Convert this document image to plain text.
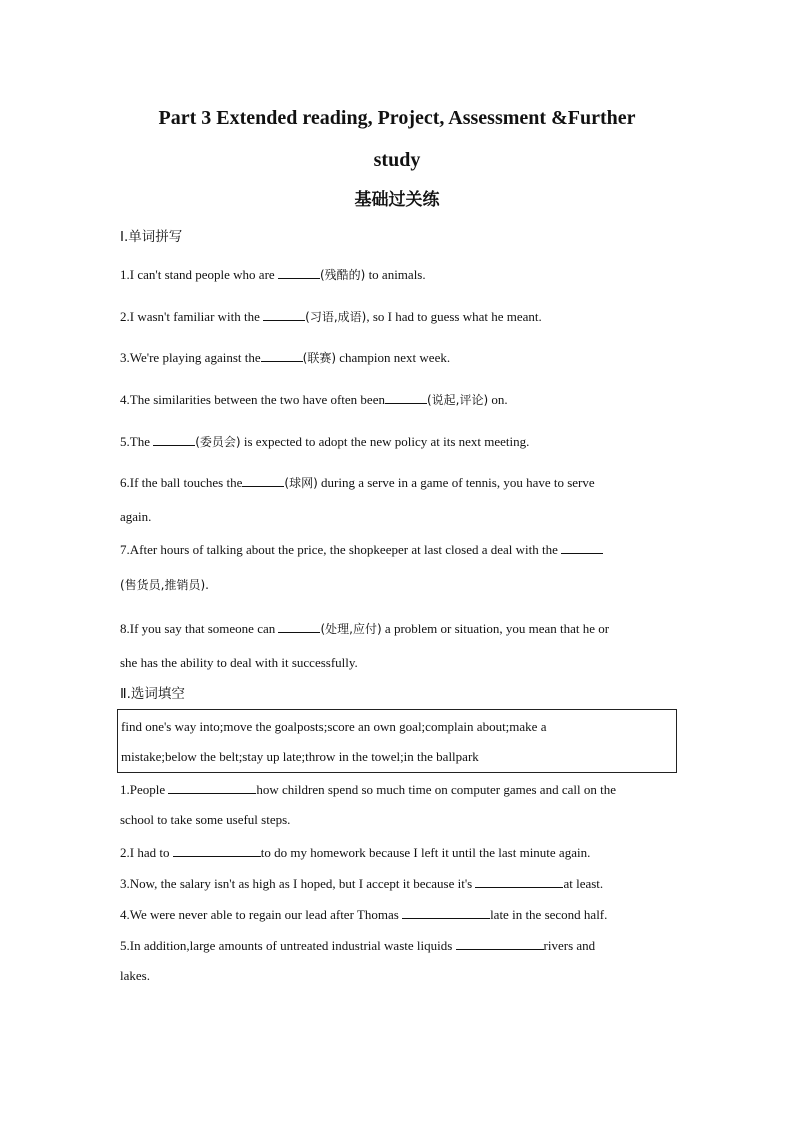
Part 3 Extended reading, Project, Assessment &Further
study
基础过关练
Ⅰ.单词拼写
1.I can't stand people who are	(残酷的) to animals.
2.I wasn't familiar with the	(习语,成语), so I had to guess what he meant.
3.We're playing against the	(联赛) champion next week.
4.The similarities between the two have often been	(说起,评论) on.
5.The	(委员会) is expected to adopt the new policy at its next meeting.
6.If the ball touches the	(球网) during a serve in a game of tennis, you have to serve
again.
7.After hours of talking about the price, the shopkeeper at last closed a deal with the
(售货员,推销员).
8.If you say that someone can	(处理,应付) a problem or situation, you mean that he or
she has the ability to deal with it successfully.
Ⅱ.选词填空
find one's way into;move the goalposts;score an own goal;complain about;make a
mistake;below the belt;stay up late;throw in the towel;in the ballpark
1.People	how children spend so much time on computer games and call on the
school to take some useful steps.
2.I had to	to do my homework because I left it until the last minute again.
3.Now, the salary isn't as high as I hoped, but I accept it because it's	at least.
4.We were never able to regain our lead after Thomas	late in the second half.
5.In addition,large amounts of untreated industrial waste liquids	rivers and
lakes.
